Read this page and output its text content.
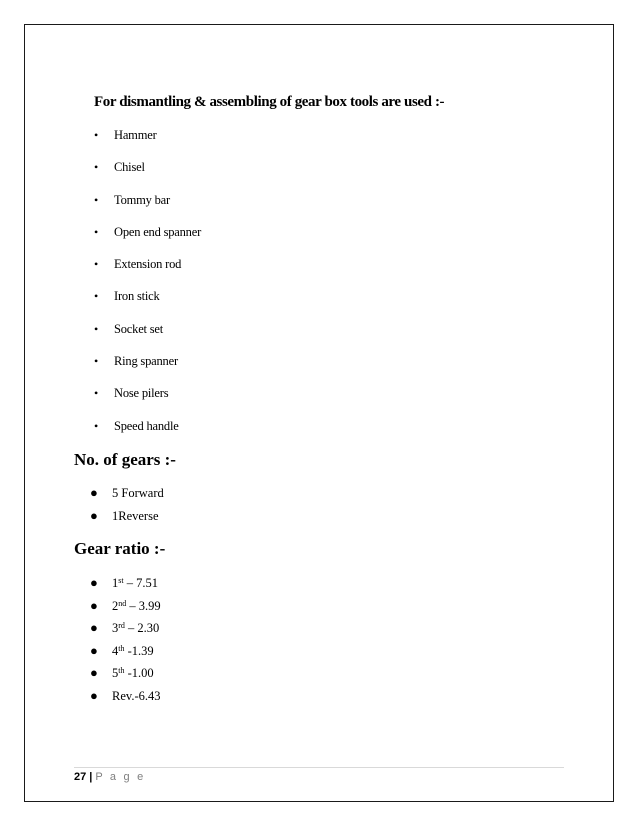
For dismantling & assembling of gear box tools are used :-
• Hammer
• Chisel
• Tommy bar
• Open end spanner
• Extension rod
• Iron stick
• Socket set
• Ring spanner
• Nose pilers
• Speed handle
No. of gears :-
● 5 Forward
● 1Reverse
Gear ratio :-
● 1st – 7.51
● 2nd – 3.99
● 3rd – 2.30
● 4th -1.39
● 5th -1.00
● Rev.-6.43
27 | P a g e
